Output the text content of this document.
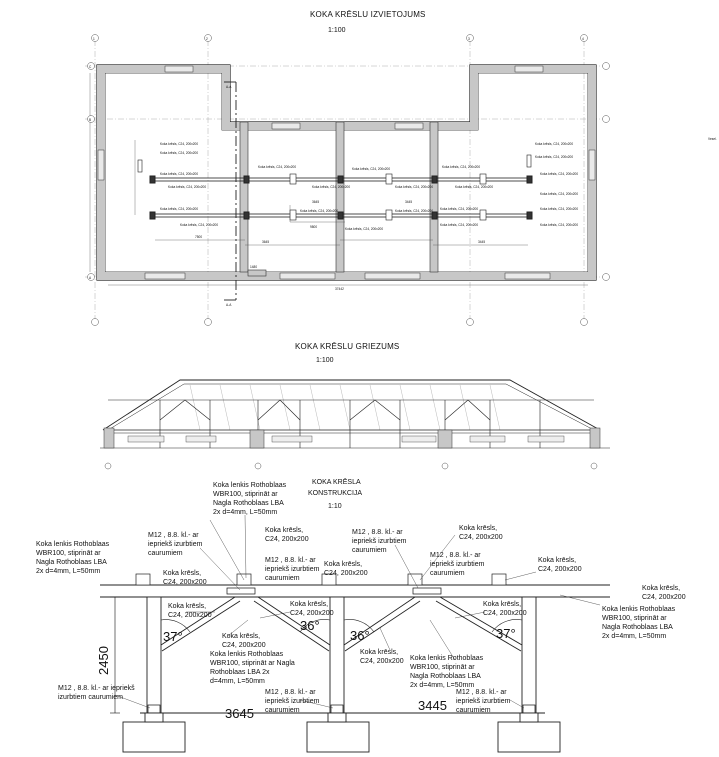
KOKA KRĒSLU IZVIETOJUMS
1:100
1	2	3	4
C
B
A
A-A
A-A
Vesel.
Koka krēsls, C24, 200x200
Koka krēsls, C24, 200x200
Koka krēsls, C24, 200x200
Koka krēsls, C24, 200x200
Koka krēsls, C24, 200x200
Koka krēsls, C24, 200x200
Koka krēsls, C24, 200x200
Koka krēsls, C24, 200x200
Koka krēsls, C24, 200x200
Koka krēsls, C24, 200x200
Koka krēsls, C24, 200x200
Koka krēsls, C24, 200x200	Koka krēsls, C24, 200x200
Koka krēsls, C24, 200x200
Koka krēsls, C24, 200x200
Koka krēsls, C24, 200x200
Koka krēsls, C24, 200x200
Koka krēsls, C24, 200x200
Koka krēsls, C24, 200x200
Koka krēsls, C24, 200x200
Koka krēsls, C24, 200x200
Koka krēsls, C24, 200x200
Koka krēsls, C24, 200x200
3645	3445
9800
7500
3645	3445
37442
1480
Koka lenkis Rothoblaas WBR100, stiprināt ar Nagla Rothoblaas LBA 2x d=4mm, L=50mm
Koka lenkis Rothoblaas WBR100, stiprināt ar Nagla Rothoblaas LBA 2x d=4mm, L=50mm
M12 , 8.8. kl.- ar iepriekš izurbtiem caurumiem
Koka krēsls, C24, 200x200
M12 , 8.8. kl.- ar iepriekš izurbtiem caurumiem
Koka krēsls, C24, 200x200
M12 , 8.8. kl.- ar iepriekš izurbtiem caurumiem
M12 , 8.8. kl.- ar iepriekš izurbtiem caurumiem
Koka krēsls, C24, 200x200
Koka krēsls, C24, 200x200
Koka krēsls, C24, 200x200
Koka krēsls, C24, 200x200
Koka lenkis Rothoblaas WBR100, stiprināt ar Nagla Rothoblaas LBA 2x d=4mm, L=50mm
Koka krēsls, C24, 200x200
Koka krēsls, C24, 200x200
Koka krēsls, C24, 200x200
Koka krēsls, C24, 200x200
Koka krēsls, C24, 200x200
Koka lenkis Rothoblaas WBR100, stiprināt ar Nagla Rothoblaas LBA 2x d=4mm, L=50mm
Koka lenkis Rothoblaas WBR100, stiprināt ar Nagla Rothoblaas LBA 2x d=4mm, L=50mm
M12 , 8.8. kl.- ar iepriekš izurbtiem caurumiem
M12 , 8.8. kl.- ar iepriekš izurbtiem caurumiem
M12 , 8.8. kl.- ar iepriekš izurbtiem caurumiem
37°
36°
36°	37°
3645
3445
2450
KOKA KRĒSLU GRIEZUMS
1:100
KOKA KRĒSLA
KONSTRUKCIJA
1:10
